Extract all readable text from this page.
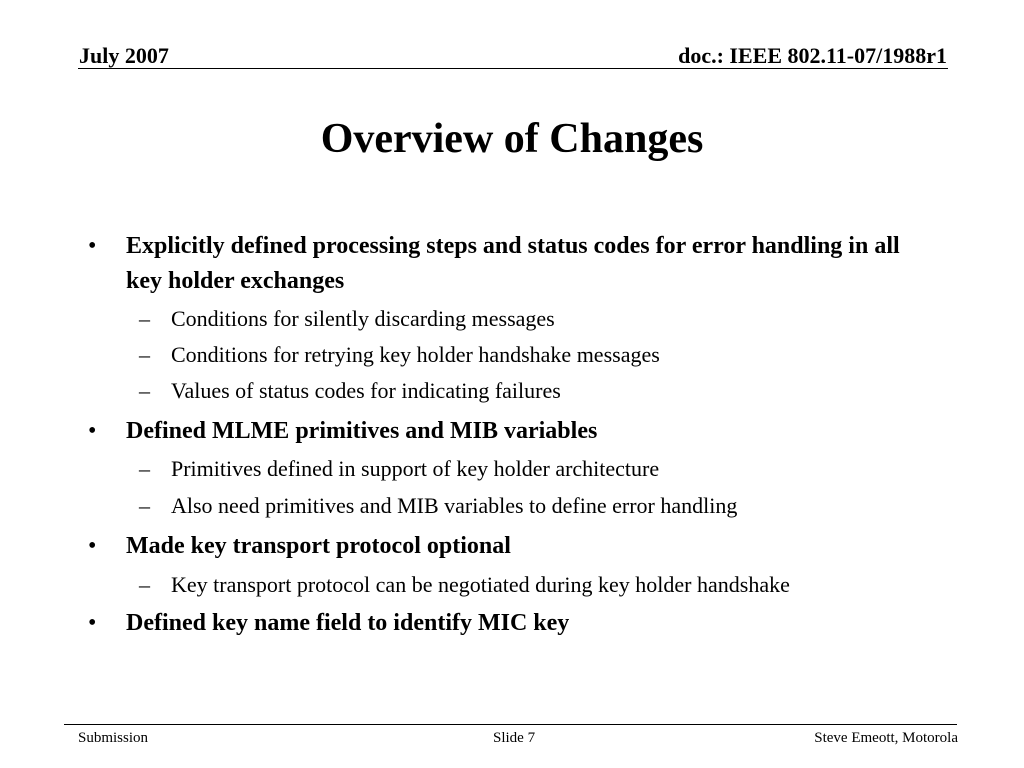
July 2007	doc.: IEEE 802.11-07/1988r1
Overview of Changes
• Explicitly defined processing steps and status codes for error handling in all key holder exchanges
– Conditions for silently discarding messages
– Conditions for retrying key holder handshake messages
– Values of status codes for indicating failures
• Defined MLME primitives and MIB variables
– Primitives defined in support of key holder architecture
– Also need primitives and MIB variables to define error handling
• Made key transport protocol optional
– Key transport protocol can be negotiated during key holder handshake
• Defined key name field to identify MIC key
Submission	Slide 7	Steve Emeott, Motorola
